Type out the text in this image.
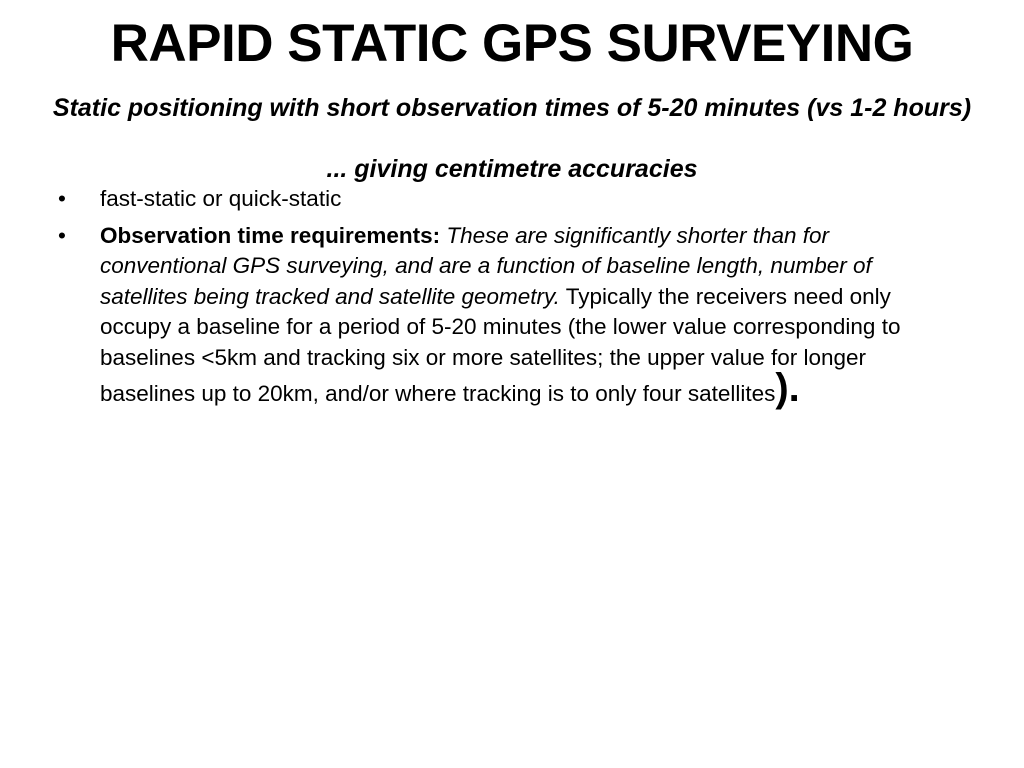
RAPID STATIC GPS SURVEYING

Static positioning with short observation times of 5-20 minutes (vs 1-2 hours) ... giving centimetre accuracies

• fast-static or quick-static
• Observation time requirements: These are significantly shorter than for conventional GPS surveying, and are a function of baseline length, number of satellites being tracked and satellite geometry. Typically the receivers need only occupy a baseline for a period of 5-20 minutes (the lower value corresponding to baselines <5km and tracking six or more satellites; the upper value for longer baselines up to 20km, and/or where tracking is to only four satellites).
